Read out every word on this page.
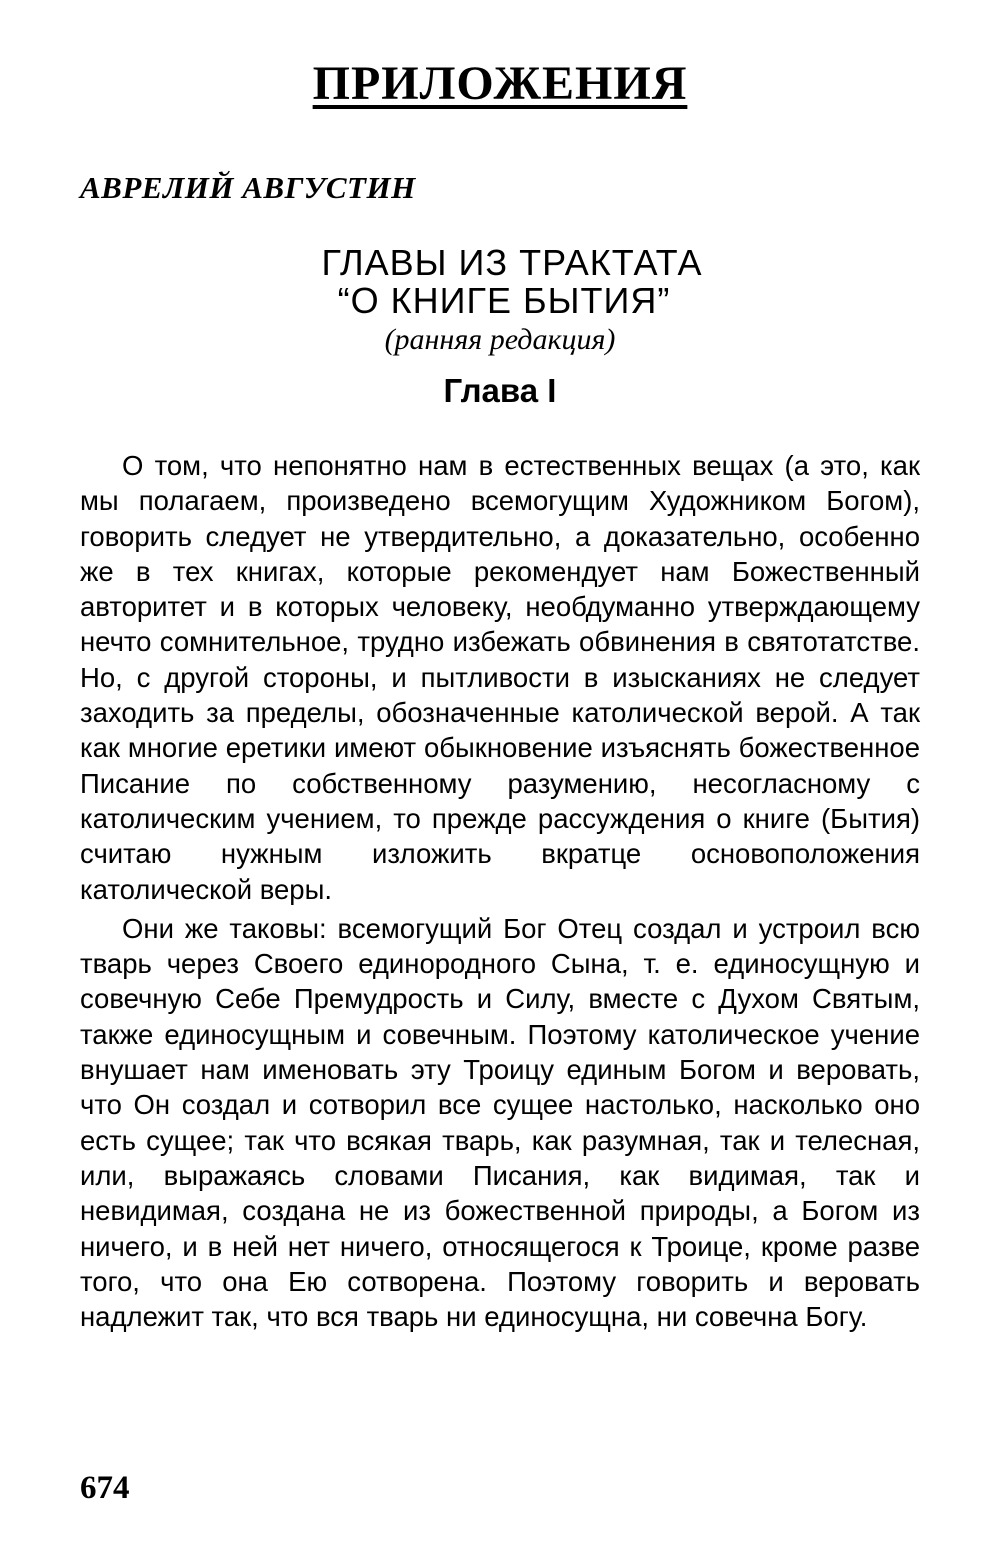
ПРИЛОЖЕНИЯ
АВРЕЛИЙ АВГУСТИН
ГЛАВЫ ИЗ ТРАКТАТА
“О КНИГЕ БЫТИЯ”
(ранняя редакция)
Глава I

О том, что непонятно нам в естественных вещах (а это, как мы полагаем, произведено всемогущим Художником Богом), говорить следует не утвердительно, а доказательно, особенно же в тех книгах, которые рекомендует нам Божественный авторитет и в которых человеку, необдуманно утверждающему нечто сомнительное, трудно избежать обвинения в святотатстве. Но, с другой стороны, и пытливости в изысканиях не следует заходить за пределы, обозначенные католической верой. А так как многие еретики имеют обыкновение изъяснять божественное Писание по собственному разумению, несогласному с католическим учением, то прежде рассуждения о книге (Бытия) считаю нужным изложить вкратце основоположения католической веры.

Они же таковы: всемогущий Бог Отец создал и устроил всю тварь через Своего единородного Сына, т. е. единосущную и совечную Себе Премудрость и Силу, вместе с Духом Святым, также единосущным и совечным. Поэтому католическое учение внушает нам именовать эту Троицу единым Богом и веровать, что Он создал и сотворил все сущее настолько, насколько оно есть сущее; так что всякая тварь, как разумная, так и телесная, или, выражаясь словами Писания, как видимая, так и невидимая, создана не из божественной природы, а Богом из ничего, и в ней нет ничего, относящегося к Троице, кроме разве того, что она Ею сотворена. Поэтому говорить и веровать надлежит так, что вся тварь ни единосущна, ни совечна Богу.

674
